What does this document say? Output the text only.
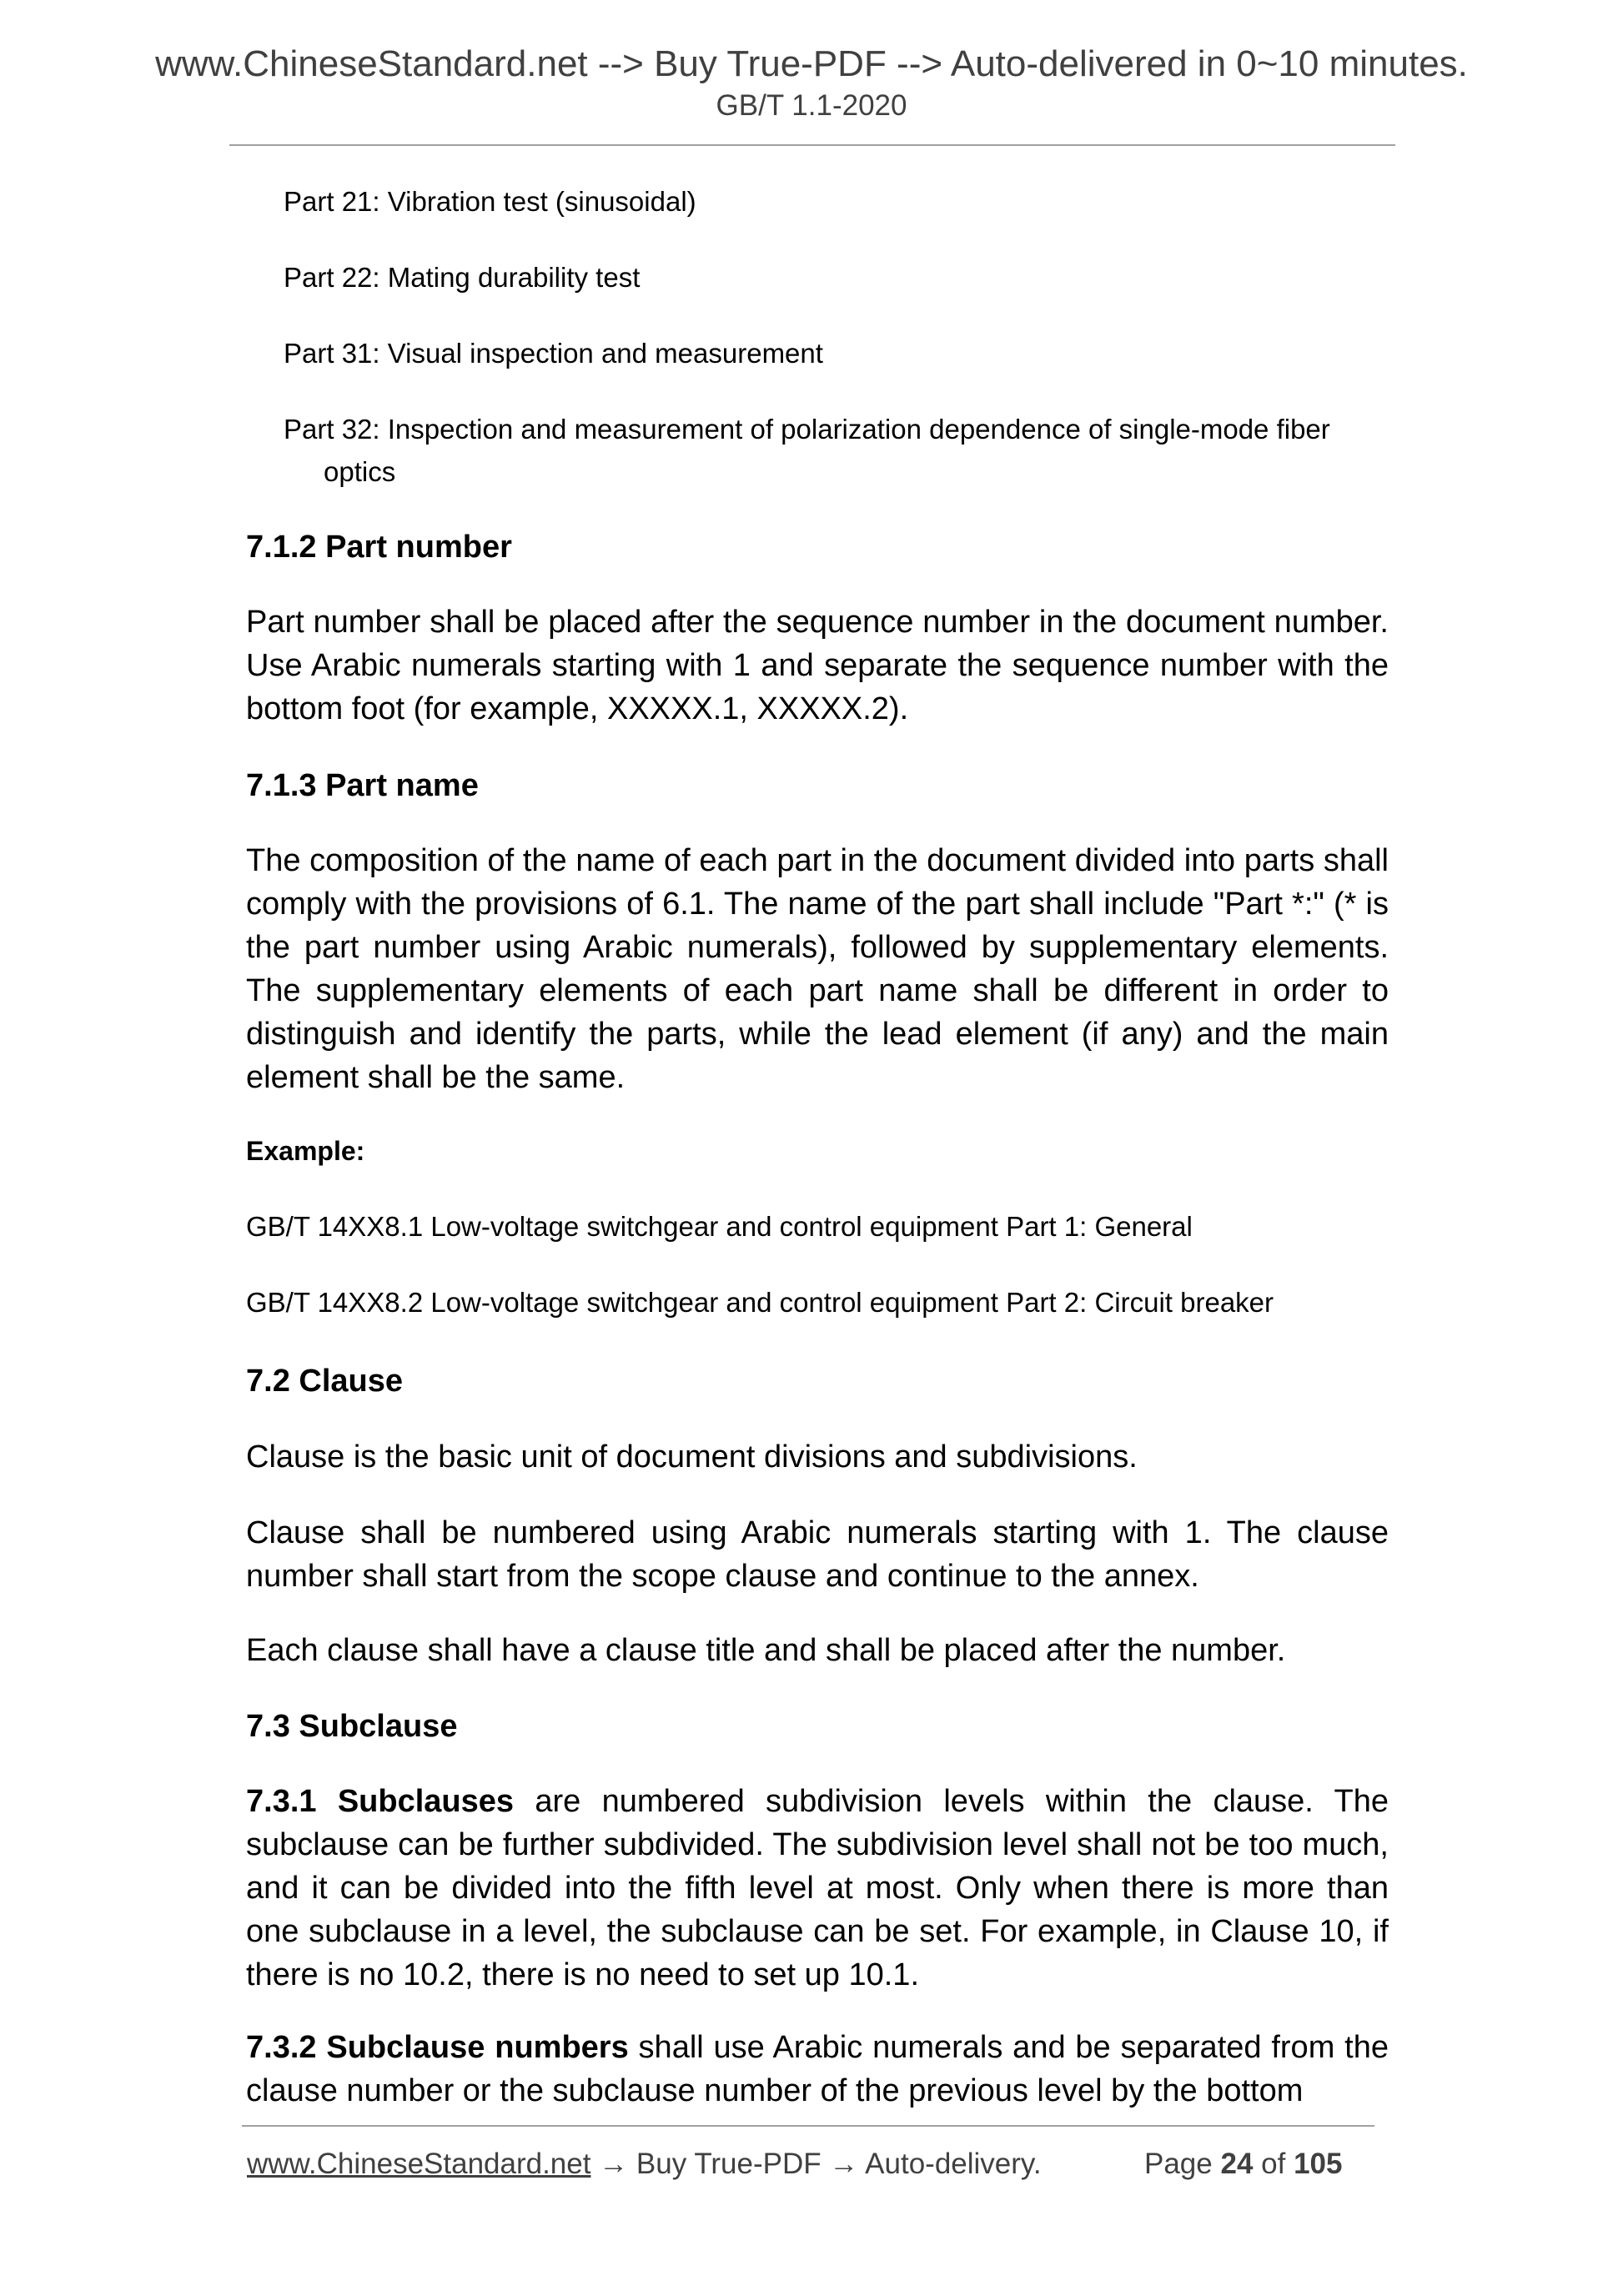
www.ChineseStandard.net --> Buy True-PDF --> Auto-delivered in 0~10 minutes.
GB/T 1.1-2020
Part 21: Vibration test (sinusoidal)
Part 22: Mating durability test
Part 31: Visual inspection and measurement
Part 32: Inspection and measurement of polarization dependence of single-mode fiber
optics
7.1.2 Part number
Part number shall be placed after the sequence number in the document number. Use Arabic numerals starting with 1 and separate the sequence number with the bottom foot (for example, XXXXX.1, XXXXX.2).
7.1.3 Part name
The composition of the name of each part in the document divided into parts shall comply with the provisions of 6.1. The name of the part shall include "Part *:" (* is the part number using Arabic numerals), followed by supplementary elements. The supplementary elements of each part name shall be different in order to distinguish and identify the parts, while the lead element (if any) and the main element shall be the same.
Example:
GB/T 14XX8.1 Low-voltage switchgear and control equipment Part 1: General
GB/T 14XX8.2 Low-voltage switchgear and control equipment Part 2: Circuit breaker
7.2 Clause
Clause is the basic unit of document divisions and subdivisions.
Clause shall be numbered using Arabic numerals starting with 1. The clause number shall start from the scope clause and continue to the annex.
Each clause shall have a clause title and shall be placed after the number.
7.3 Subclause
7.3.1 Subclauses are numbered subdivision levels within the clause. The subclause can be further subdivided. The subdivision level shall not be too much, and it can be divided into the fifth level at most. Only when there is more than one subclause in a level, the subclause can be set. For example, in Clause 10, if there is no 10.2, there is no need to set up 10.1.
7.3.2 Subclause numbers shall use Arabic numerals and be separated from the clause number or the subclause number of the previous level by the bottom
www.ChineseStandard.net → Buy True-PDF → Auto-delivery.	Page 24 of 105
